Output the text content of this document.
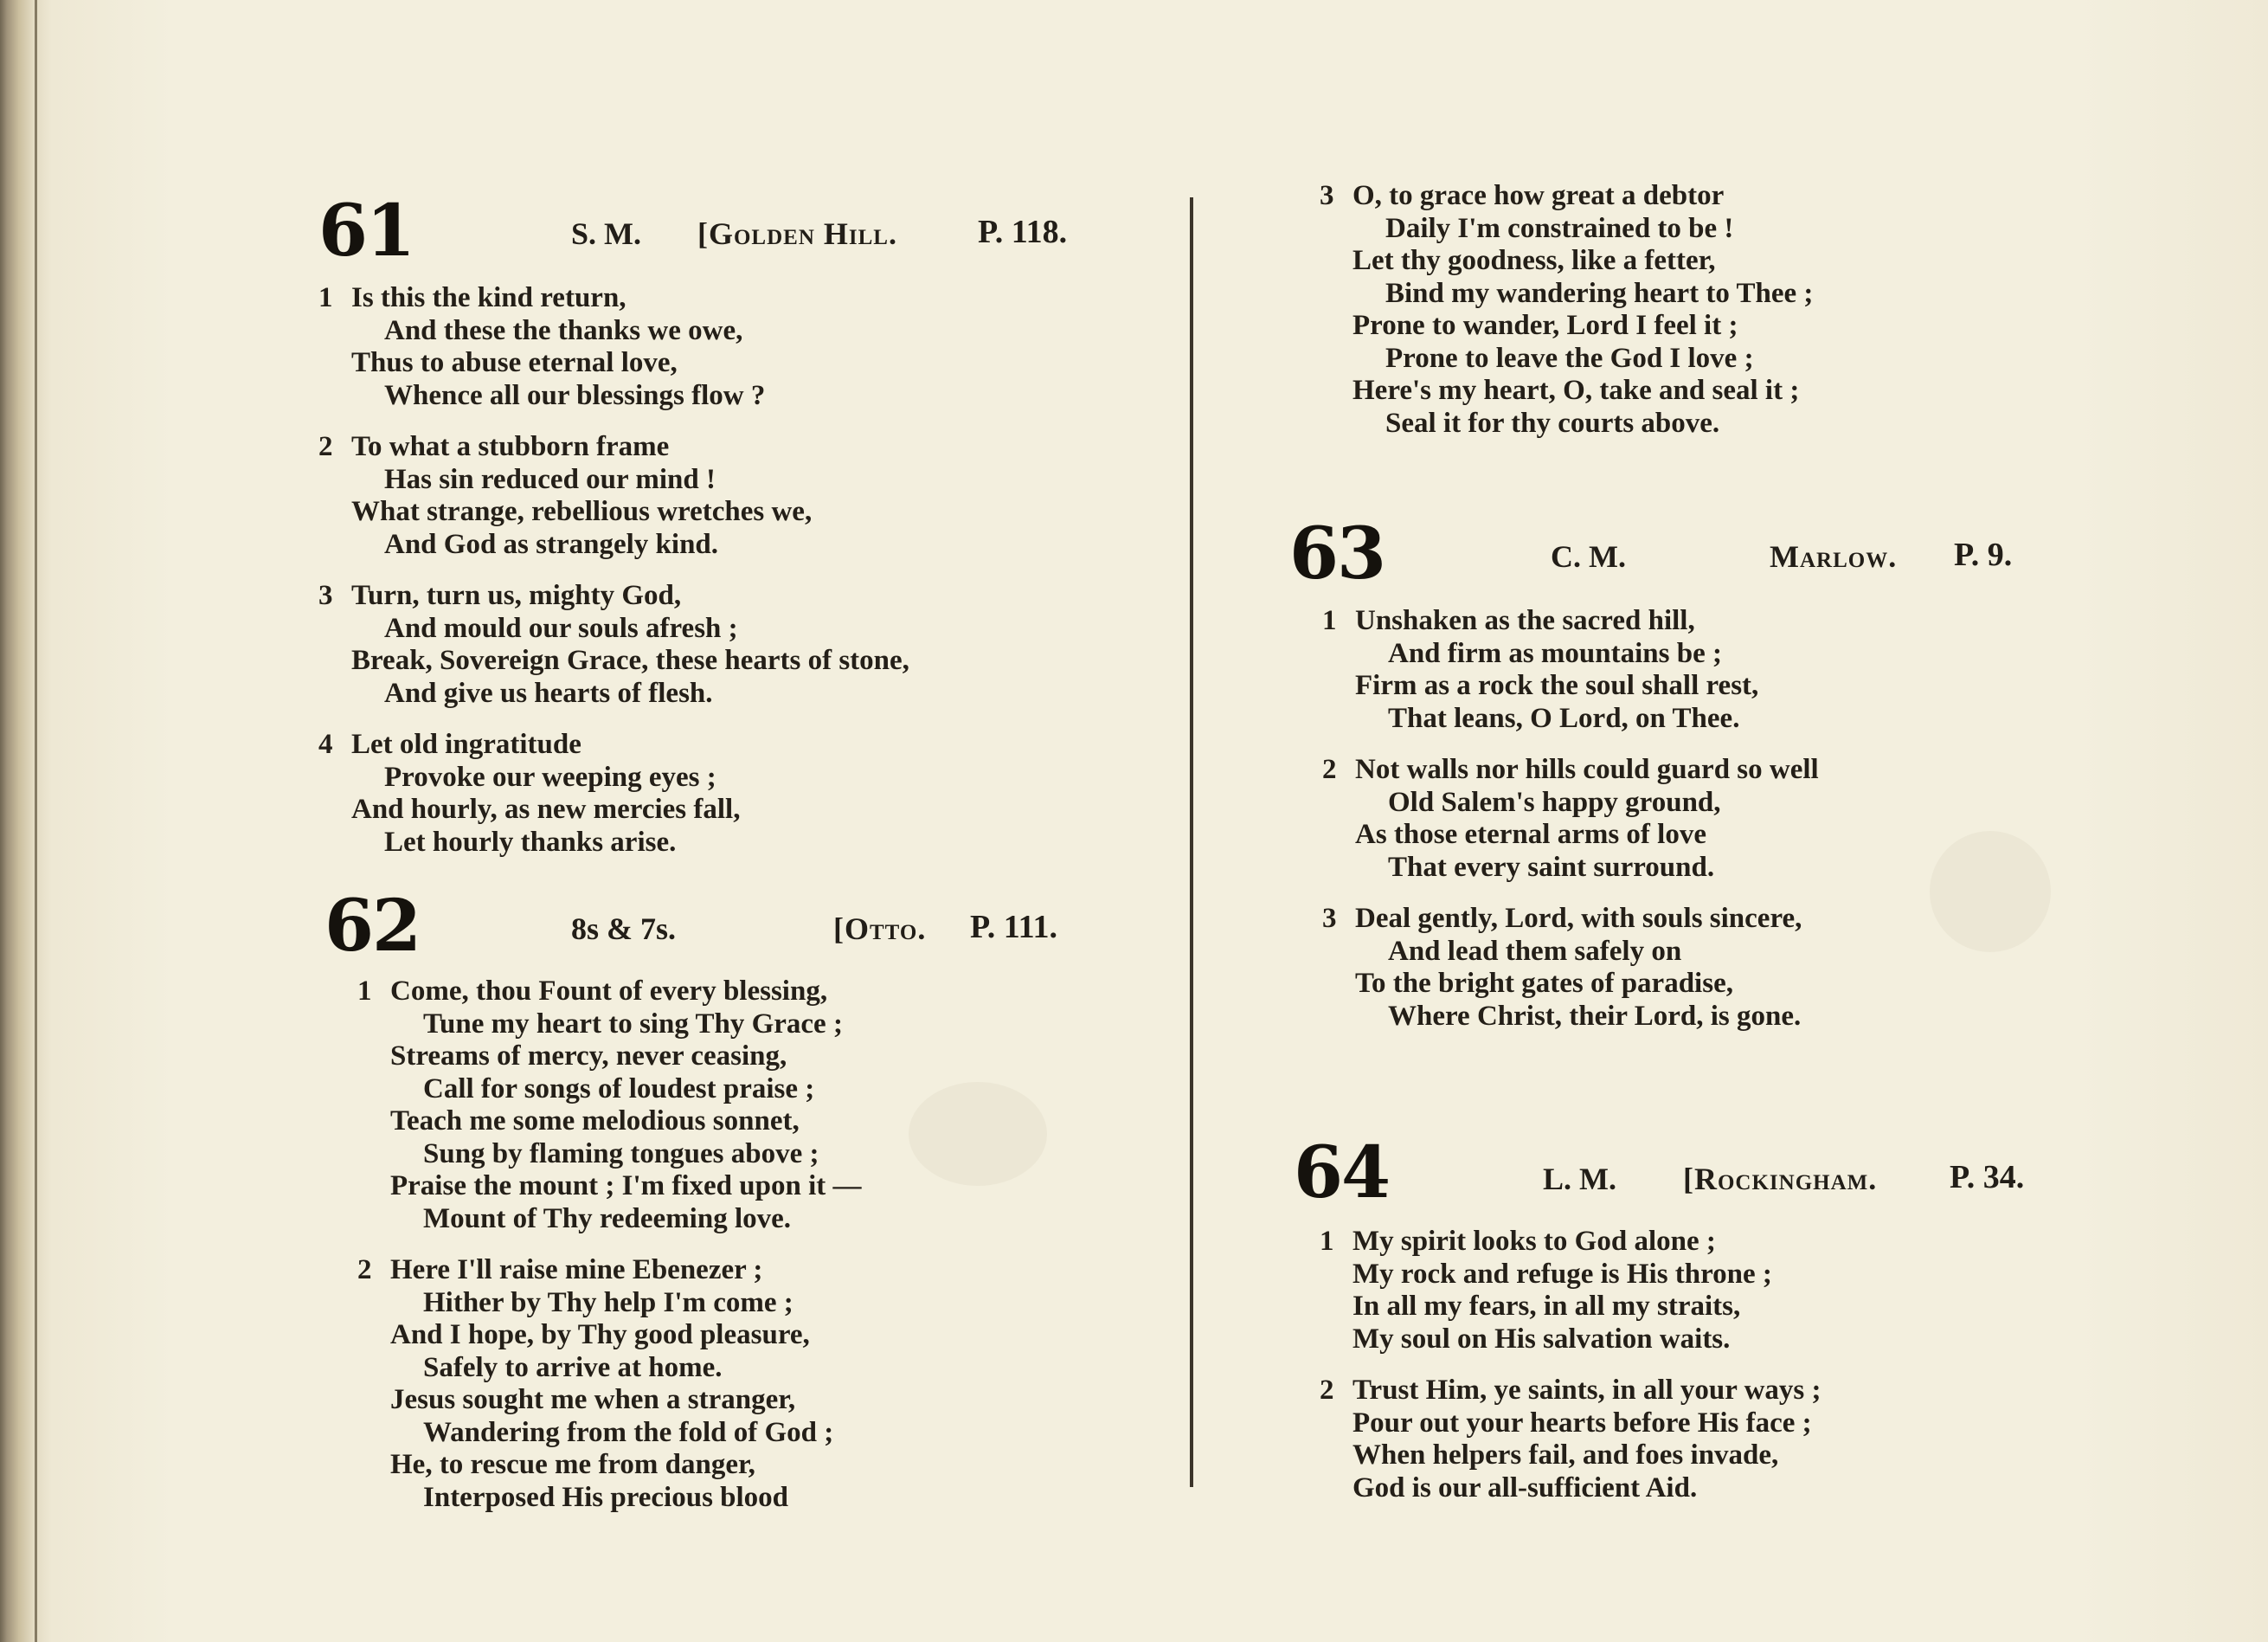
61	S. M. [Golden Hill. P. 118.
1 Is this the kind return,
And these the thanks we owe,
Thus to abuse eternal love,
Whence all our blessings flow ?
2 To what a stubborn frame
Has sin reduced our mind !
What strange, rebellious wretches we,
And God as strangely kind.
3 Turn, turn us, mighty God,
And mould our souls afresh ;
Break, Sovereign Grace, these hearts of stone,
And give us hearts of flesh.
4 Let old ingratitude
Provoke our weeping eyes ;
And hourly, as new mercies fall,
Let hourly thanks arise.
62	8s & 7s.	[Otto. P. 111.
1 Come, thou Fount of every blessing,
Tune my heart to sing Thy Grace ;
Streams of mercy, never ceasing,
Call for songs of loudest praise ;
Teach me some melodious sonnet,
Sung by flaming tongues above ;
Praise the mount ; I'm fixed upon it —
Mount of Thy redeeming love.
2 Here I'll raise mine Ebenezer ;
Hither by Thy help I'm come ;
And I hope, by Thy good pleasure,
Safely to arrive at home.
Jesus sought me when a stranger,
Wandering from the fold of God ;
He, to rescue me from danger,
Interposed His precious blood
3 O, to grace how great a debtor
Daily I'm constrained to be !
Let thy goodness, like a fetter,
Bind my wandering heart to Thee ;
Prone to wander, Lord I feel it ;
Prone to leave the God I love ;
Here's my heart, O, take and seal it ;
Seal it for thy courts above.
63	C. M.	Marlow. P. 9.
1 Unshaken as the sacred hill,
And firm as mountains be ;
Firm as a rock the soul shall rest,
That leans, O Lord, on Thee.
2 Not walls nor hills could guard so well
Old Salem's happy ground,
As those eternal arms of love
That every saint surround.
3 Deal gently, Lord, with souls sincere,
And lead them safely on
To the bright gates of paradise,
Where Christ, their Lord, is gone.
64	L. M. [Rockingham. P. 34.
1 My spirit looks to God alone ;
My rock and refuge is His throne ;
In all my fears, in all my straits,
My soul on His salvation waits.
2 Trust Him, ye saints, in all your ways ;
Pour out your hearts before His face ;
When helpers fail, and foes invade,
God is our all-sufficient Aid.
